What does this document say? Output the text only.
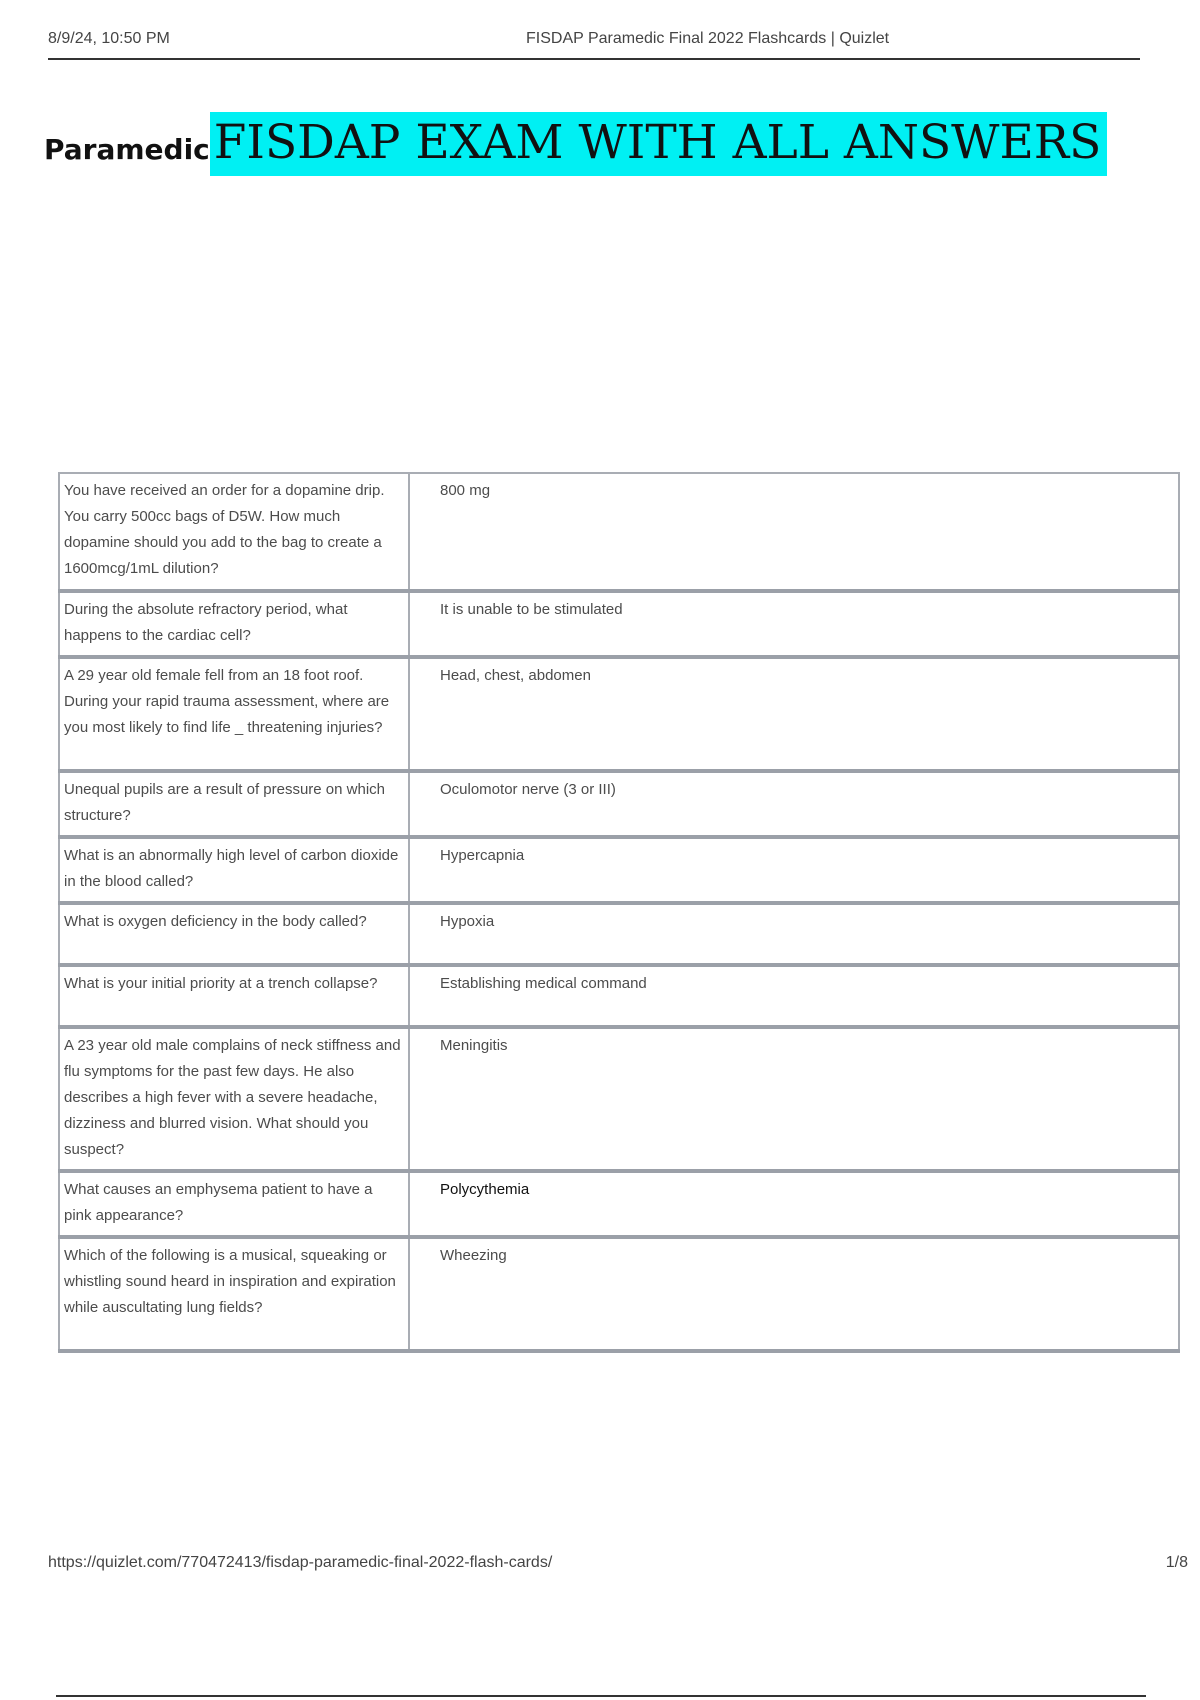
8/9/24, 10:50 PM	FISDAP Paramedic Final 2022 Flashcards | Quizlet
Paramedic FISDAP EXAM WITH ALL ANSWERS
You have received an order for a dopamine drip. You carry 500cc bags of D5W. How much dopamine should you add to the bag to create a 1600mcg/1mL dilution?	800 mg
During the absolute refractory period, what happens to the cardiac cell?	It is unable to be stimulated
A 29 year old female fell from an 18 foot roof. During your rapid trauma assessment, where are you most likely to find life _ threatening injuries?	Head, chest, abdomen
Unequal pupils are a result of pressure on which structure?	Oculomotor nerve (3 or III)
What is an abnormally high level of carbon dioxide in the blood called?	Hypercapnia
What is oxygen deficiency in the body called?	Hypoxia
What is your initial priority at a trench collapse?	Establishing medical command
A 23 year old male complains of neck stiffness and flu symptoms for the past few days. He also describes a high fever with a severe headache, dizziness and blurred vision. What should you suspect?	Meningitis
What causes an emphysema patient to have a pink appearance?	Polycythemia
Which of the following is a musical, squeaking or whistling sound heard in inspiration and expiration while auscultating lung fields?	Wheezing
https://quizlet.com/770472413/fisdap-paramedic-final-2022-flash-cards/	1/8
